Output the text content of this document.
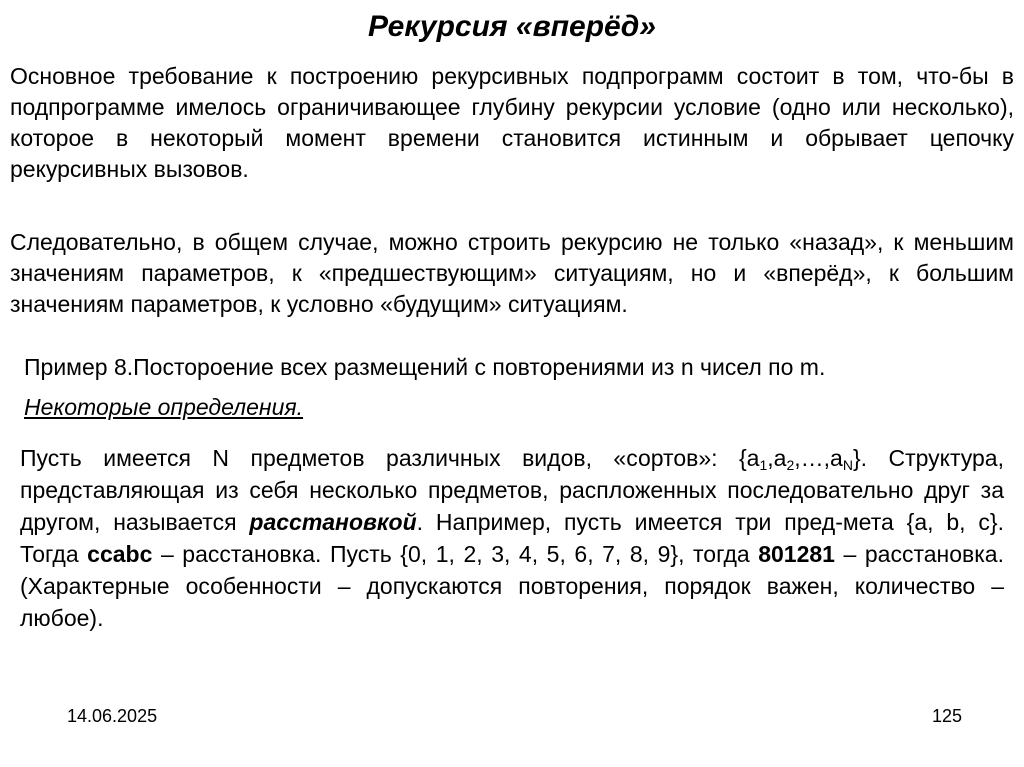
Рекурсия «вперёд»

Основное требование к построению рекурсивных подпрограмм состоит в том, что-бы в подпрограмме имелось ограничивающее глубину рекурсии условие (одно или несколько), которое в некоторый момент времени становится истинным и обрывает цепочку рекурсивных вызовов.

Следовательно, в общем случае, можно строить рекурсию не только «назад», к меньшим значениям параметров, к «предшествующим» ситуациям, но и «вперёд», к большим значениям параметров, к условно «будущим» ситуациям.

Пример 8.Постороение всех размещений с повторениями из n чисел по m.
Некоторые определения.

Пусть имеется N предметов различных видов, «сортов»: $\{a_1,a_2,\dots,a_N\}$. Структура, представляющая из себя несколько предметов, распложенных последовательно друг за другом, называется расстановкой. Например, пусть имеется три пред-мета {a, b, c}. Тогда ccabc – расстановка. Пусть {0, 1, 2, 3, 4, 5, 6, 7, 8, 9}, тогда 801281 – расстановка. (Характерные особенности – допускаются повторения, порядок важен, количество – любое).

14.06.2025	125
